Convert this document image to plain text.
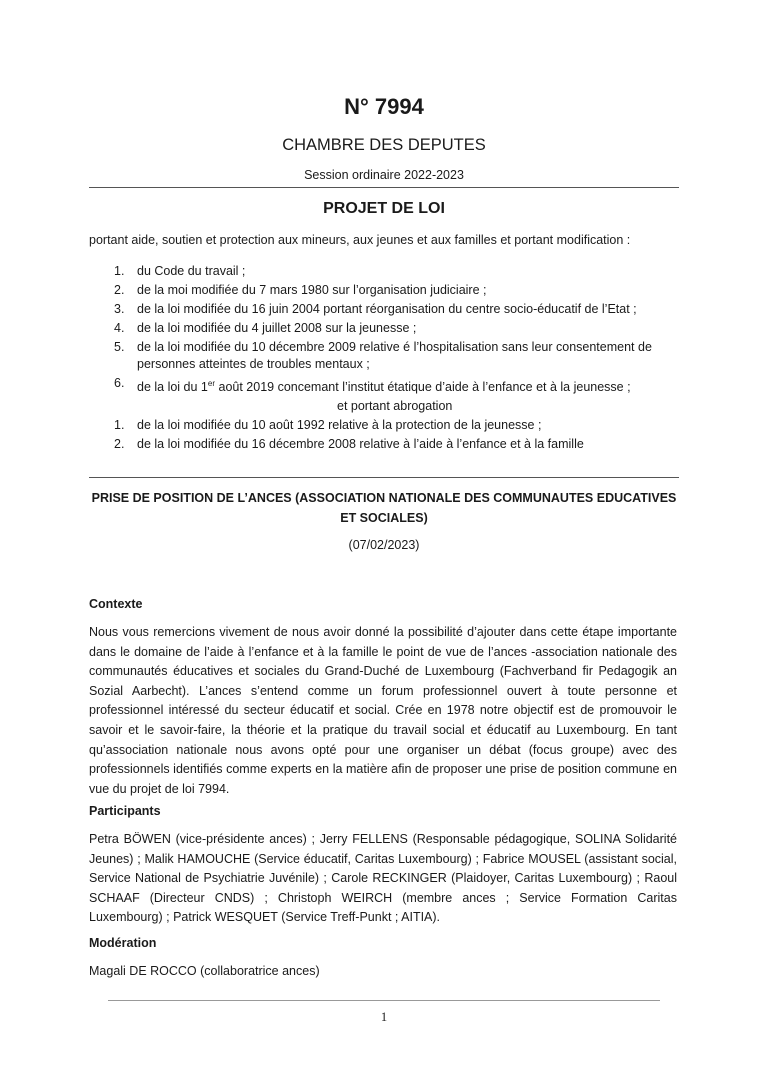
N° 7994
CHAMBRE DES DEPUTES
Session ordinaire 2022-2023
PROJET DE LOI
portant aide, soutien et protection aux mineurs, aux jeunes et aux familles et portant modification :
1. du Code du travail ;
2. de la moi modifiée du 7 mars 1980 sur l’organisation judiciaire ;
3. de la loi modifiée du 16 juin 2004 portant réorganisation du centre socio-éducatif de l’Etat ;
4. de la loi modifiée du 4 juillet 2008 sur la jeunesse ;
5. de la loi modifiée du 10 décembre 2009 relative é l’hospitalisation sans leur consentement de personnes atteintes de troubles mentaux ;
6. de la loi du 1er août 2019 concemant l’institut étatique d’aide à l’enfance et à la jeunesse ;
et portant abrogation
1. de la loi modifiée du 10 août 1992 relative à la protection de la jeunesse ;
2. de la loi modifiée du 16 décembre 2008 relative à l’aide à l’enfance et à la famille
PRISE DE POSITION DE L’ANCES (ASSOCIATION NATIONALE DES COMMUNAUTES EDUCATIVES ET SOCIALES)
(07/02/2023)
Contexte
Nous vous remercions vivement de nous avoir donné la possibilité d’ajouter dans cette étape importante dans le domaine de l’aide à l’enfance et à la famille le point de vue de l’ances -association nationale des communautés éducatives et sociales du Grand-Duché de Luxembourg (Fachverband fir Pedagogik an Sozial Aarbecht). L’ances s’entend comme un forum professionnel ouvert à toute personne et professionnel intéressé du secteur éducatif et social. Crée en 1978 notre objectif est de promouvoir le savoir et le savoir-faire, la théorie et la pratique du travail social et éducatif au Luxembourg. En tant qu’association nationale nous avons opté pour une organiser un débat (focus groupe) avec des professionnels identifiés comme experts en la matière afin de proposer une prise de position commune en vue du projet de loi 7994.
Participants
Petra BÖWEN (vice-présidente ances) ; Jerry FELLENS (Responsable pédagogique, SOLINA Solidarité Jeunes) ; Malik HAMOUCHE (Service éducatif, Caritas Luxembourg) ; Fabrice MOUSEL (assistant social, Service National de Psychiatrie Juvénile) ; Carole RECKINGER (Plaidoyer, Caritas Luxembourg) ; Raoul SCHAAF (Directeur CNDS) ; Christoph WEIRCH (membre ances ; Service Formation Caritas Luxembourg) ; Patrick WESQUET (Service Treff-Punkt ; AITIA).
Modération
Magali DE ROCCO (collaboratrice ances)
1
